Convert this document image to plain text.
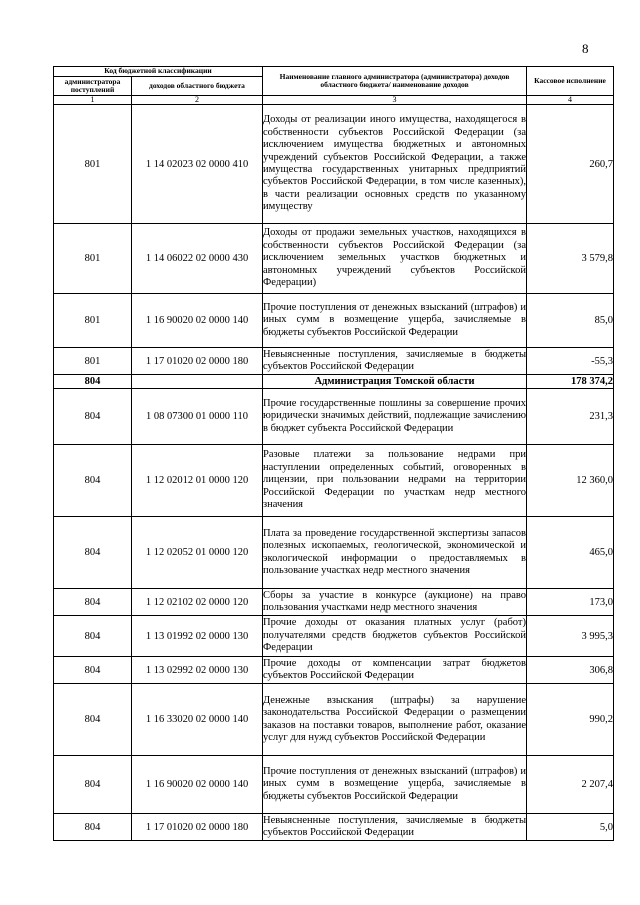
8
Код бюджетной классификации		Наименование главного администратора (администратора) доходов областного бюджета/ наименование доходов	Кассовое исполнение
администратора поступлений	доходов областного бюджета		
1	2	3	4
801	1 14 02023 02 0000 410	Доходы от реализации иного имущества, находящегося в собственности субъектов Российской Федерации (за исключением имущества бюджетных и автономных учреждений субъектов Российской Федерации, а также имущества государственных унитарных предприятий субъектов Российской Федерации, в том числе казенных), в части реализации основных средств по указанному имуществу	260,7
801	1 14 06022 02 0000 430	Доходы от продажи земельных участков, находящихся в собственности субъектов Российской Федерации (за исключением земельных участков бюджетных и автономных учреждений субъектов Российской Федерации)	3 579,8
801	1 16 90020 02 0000 140	Прочие поступления от денежных взысканий (штрафов) и иных сумм в возмещение ущерба, зачисляемые в бюджеты субъектов Российской Федерации	85,0
801	1 17 01020 02 0000 180	Невыясненные поступления, зачисляемые в бюджеты субъектов Российской Федерации	-55,3
804		Администрация Томской области	178 374,2
804	1 08 07300 01 0000 110	Прочие государственные пошлины за совершение прочих юридически значимых действий, подлежащие зачислению в бюджет субъекта Российской Федерации	231,3
804	1 12 02012 01 0000 120	Разовые платежи за пользование недрами при наступлении определенных событий, оговоренных в лицензии, при пользовании недрами на территории Российской Федерации по участкам недр местного значения	12 360,0
804	1 12 02052 01 0000 120	Плата за проведение государственной экспертизы запасов полезных ископаемых, геологической, экономической и экологической информации о предоставляемых в пользование участках недр местного значения	465,0
804	1 12 02102 02 0000 120	Сборы за участие в конкурсе (аукционе) на право пользования участками недр местного значения	173,0
804	1 13 01992 02 0000 130	Прочие доходы от оказания платных услуг (работ) получателями средств бюджетов субъектов Российской Федерации	3 995,3
804	1 13 02992 02 0000 130	Прочие доходы от компенсации затрат бюджетов субъектов Российской Федерации	306,8
804	1 16 33020 02 0000 140	Денежные взыскания (штрафы) за нарушение законодательства Российской Федерации о размещении заказов на поставки товаров, выполнение работ, оказание услуг для нужд субъектов Российской Федерации	990,2
804	1 16 90020 02 0000 140	Прочие поступления от денежных взысканий (штрафов) и иных сумм в возмещение ущерба, зачисляемые в бюджеты субъектов Российской Федерации	2 207,4
804	1 17 01020 02 0000 180	Невыясненные поступления, зачисляемые в бюджеты субъектов Российской Федерации	5,0
